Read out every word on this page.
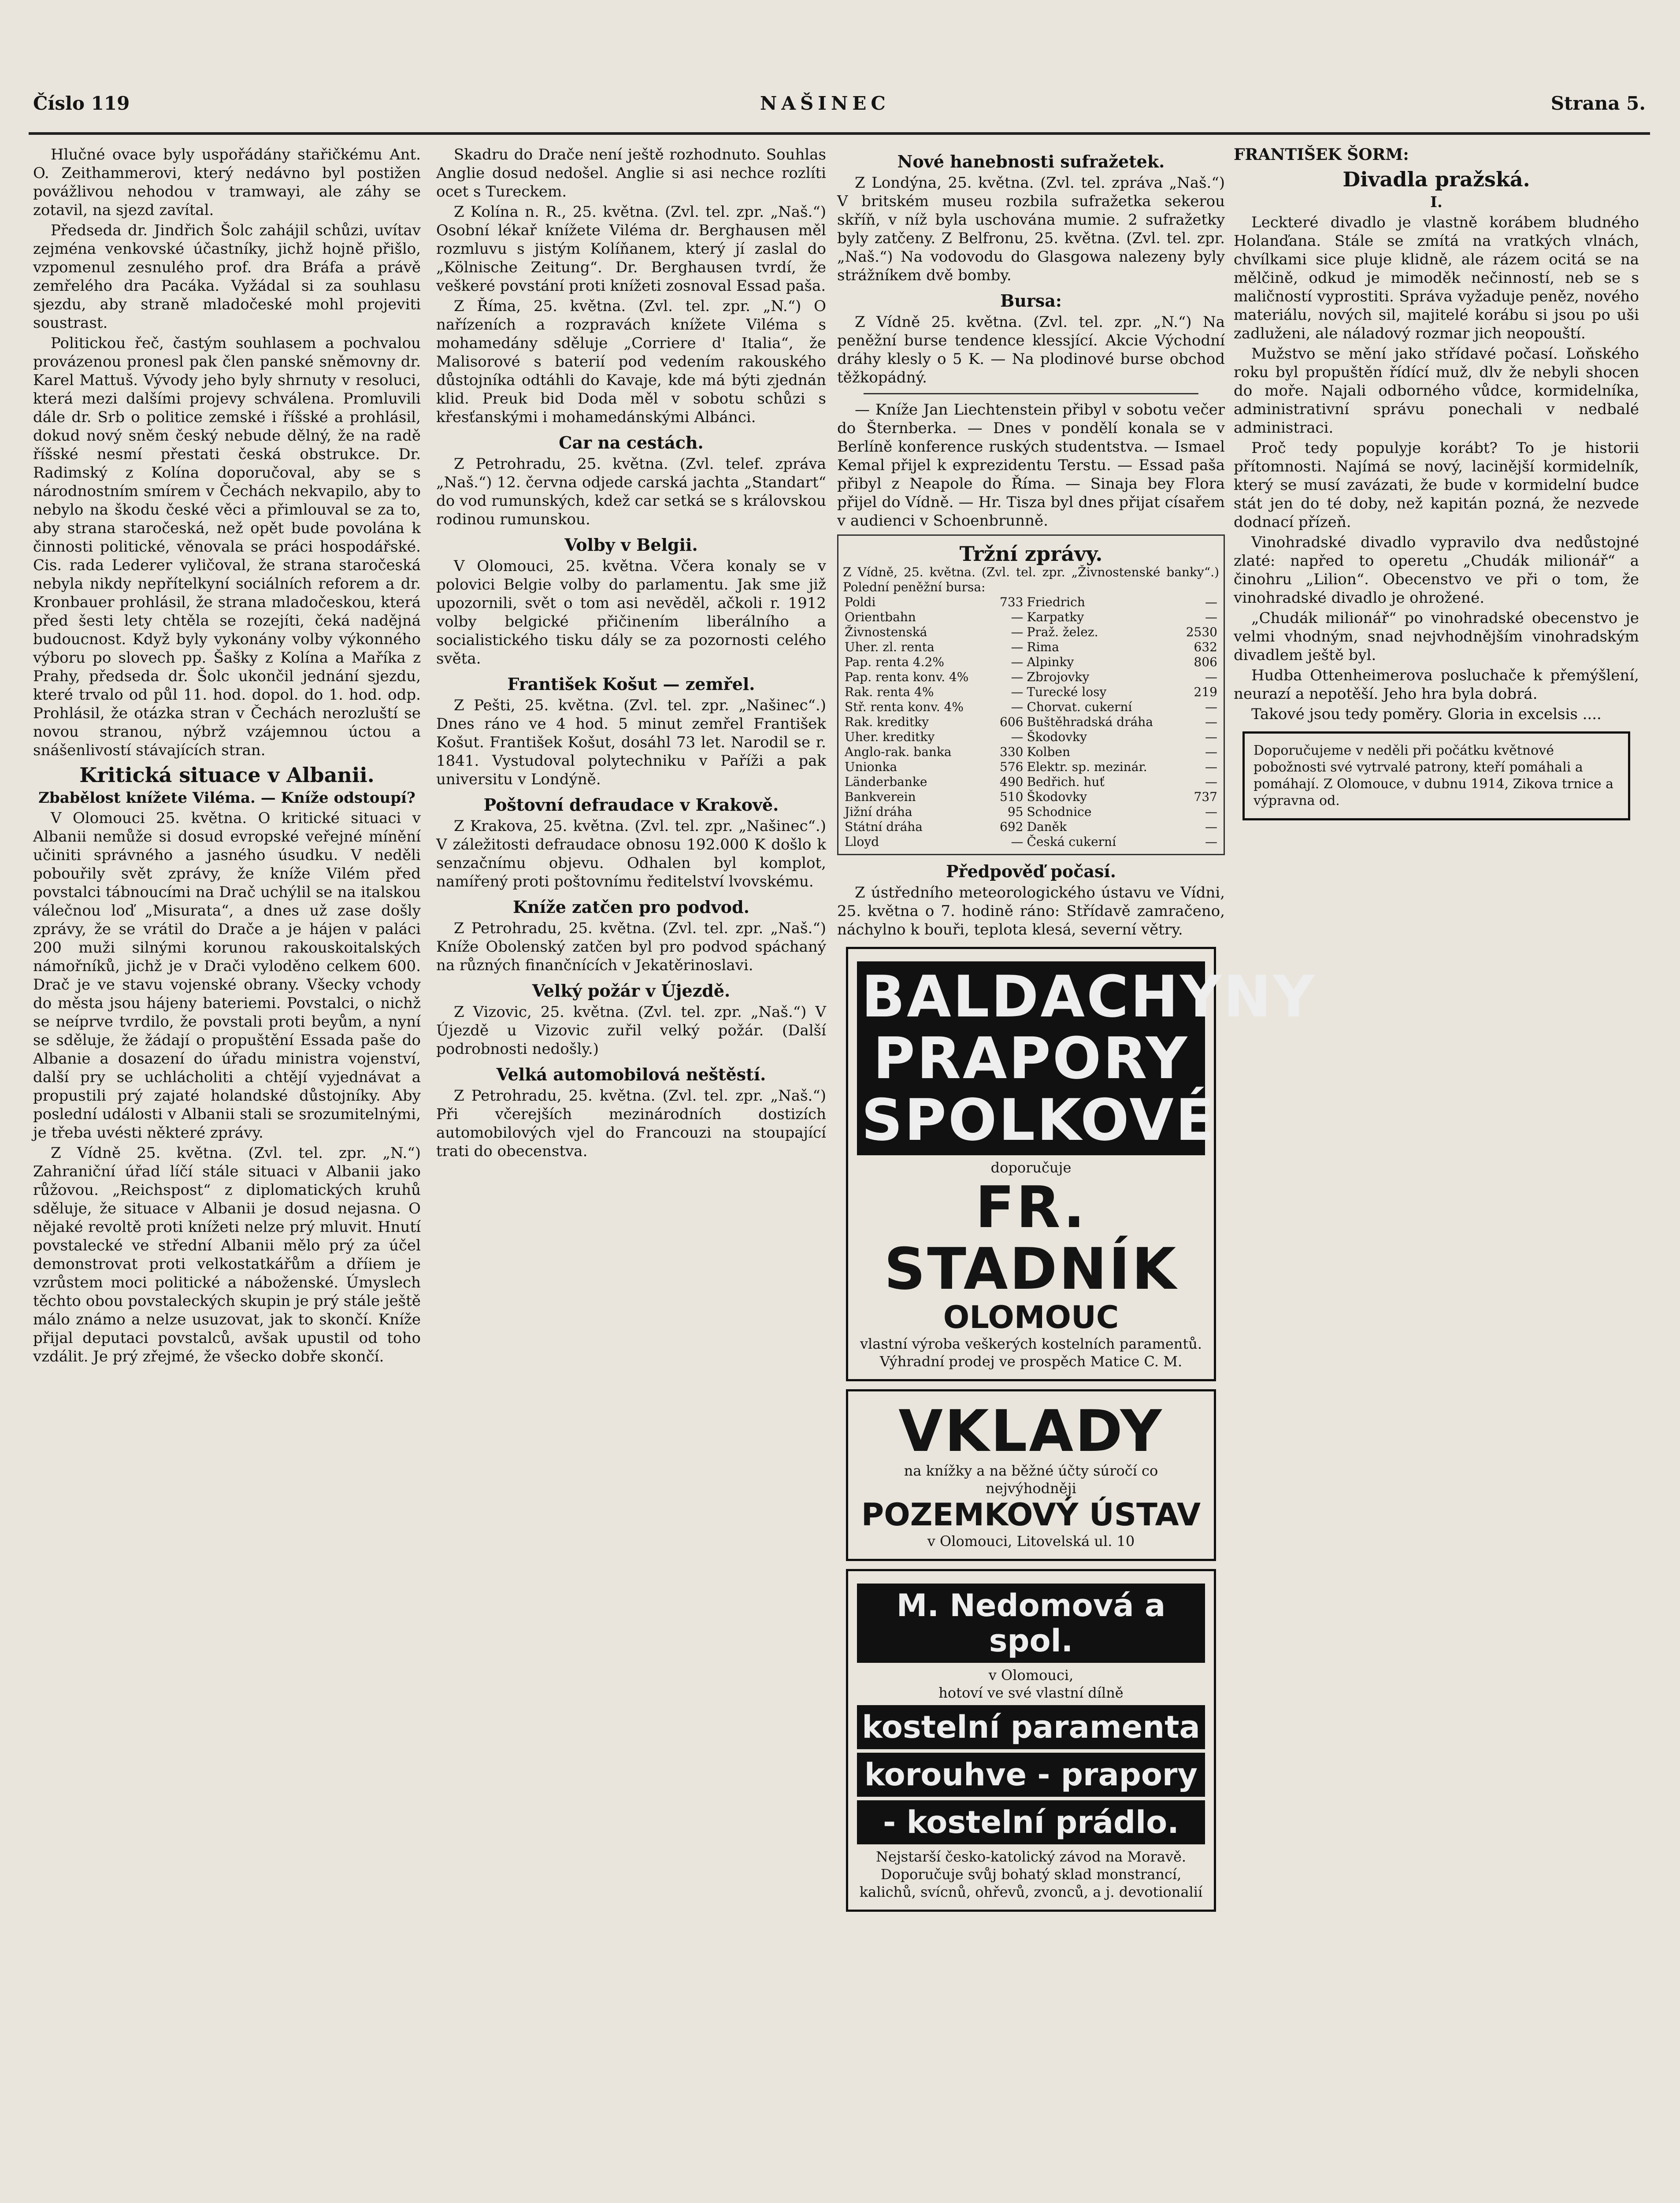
Číslo 119	NAŠINEC	Strana 5.

Hlučné ovace byly uspořádány stařičkému Ant. O. Zeithammerovi, který nedávno byl postižen povážlivou nehodou v tramwayi, ale záhy se zotavil, na sjezd zavítal.

Předseda dr. Jindřich Šolc zahájil schůzi, uvítav zejména venkovské účastníky, jichž hojně přišlo, vzpomenul zesnulého prof. dra Bráfa a právě zemřelého dra Pacáka. Vyžádal si za souhlasu sjezdu, aby straně mladočeské mohl projeviti soustrast.

Politickou řeč, častým souhlasem a pochvalou provázenou pronesl pak člen panské sněmovny dr. Karel Mattuš. Vývody jeho byly shrnuty v resoluci, která mezi dalšími projevy schválena. Promluvili dále dr. Srb o politice zemské i říšské a prohlásil, dokud nový sněm český nebude dělný, že na radě říšské nesmí přestati česká obstrukce. Dr. Radimský z Kolína doporučoval, aby se s národnostním smírem v Čechách nekvapilo, aby to nebylo na škodu české věci a přimlouval se za to, aby strana staročeská, než opět bude povolána k činnosti politické, věnovala se práci hospodářské. Cis. rada Lederer vyličoval, že strana staročeská nebyla nikdy nepřítelkyní sociálních reforem a dr. Kronbauer prohlásil, že strana mladočeskou, která před šesti lety chtěla se rozejíti, čeká nadějná budoucnost. Když byly vykonány volby výkonného výboru po slovech pp. Šašky z Kolína a Maříka z Prahy, předseda dr. Šolc ukončil jednání sjezdu, které trvalo od půl 11. hod. dopol. do 1. hod. odp. Prohlásil, že otázka stran v Čechách nerozluští se novou stranou, nýbrž vzájemnou úctou a snášenlivostí stávajících stran.

Kritická situace v Albanii.
Zbabělost knížete Viléma. — Kníže odstoupí?

V Olomouci 25. května. O kritické situaci v Albanii nemůže si dosud evropské veřejné mínění učiniti správného a jasného úsudku. V neděli pobouřily svět zprávy, že kníže Vilém před povstalci tábnoucími na Drač uchýlil se na italskou válečnou loď „Misurata“, a dnes už zase došly zprávy, že se vrátil do Drače a je hájen v paláci 200 muži silnými korunou rakouskoitalských námořníků, jichž je v Drači vyloděno celkem 600. Drač je ve stavu vojenské obrany. Všecky vchody do města jsou hájeny bateriemi. Povstalci, o nichž se neíprve tvrdilo, že povstali proti beyům, a nyní se sděluje, že žádají o propuštění Essada paše do Albanie a dosazení do úřadu ministra vojenství, další pry se uchlácholiti a chtějí vyjednávat a propustili prý zajaté holandské důstojníky. Aby poslední události v Albanii stali se srozumitelnými, je třeba uvésti některé zprávy.

Z Vídně 25. května. (Zvl. tel. zpr. „N.“) Zahraniční úřad líčí stále situaci v Albanii jako růžovou. „Reichspost“ z diplomatických kruhů sděluje, že situace v Albanii je dosud nejasna. O nějaké revoltě proti knížeti nelze prý mluvit. Hnutí povstalecké ve střední Albanii mělo prý za účel demonstrovat proti velkostatkářům a dříiem je vzrůstem moci politické a náboženské. Úmyslech těchto obou povstaleckých skupin je prý stále ještě málo známo a nelze usuzovat, jak to skončí. Kníže přijal deputaci povstalců, avšak upustil od toho vzdálit. Je prý zřejmé, že všecko dobře skončí.

Skadru do Drače není ještě rozhodnuto. Souhlas Anglie dosud nedošel. Anglie si asi nechce rozlíti ocet s Tureckem.

Z Kolína n. R., 25. května. (Zvl. tel. zpr. „Naš.“) Osobní lékař knížete Viléma dr. Berghausen měl rozmluvu s jistým Kolíňanem, který jí zaslal do „Kölnische Zeitung“. Dr. Berghausen tvrdí, že veškeré povstání proti knížeti zosnoval Essad paša.

Z Říma, 25. května. (Zvl. tel. zpr. „N.“) O nařízeních a rozpravách knížete Viléma s mohamedány sděluje „Corriere d' Italia“, že Malisorové s baterií pod vedením rakouského důstojníka odtáhli do Kavaje, kde má býti zjednán klid. Preuk bid Doda měl v sobotu schůzi s křesťanskými i mohamedánskými Albánci.

Car na cestách.

Z Petrohradu, 25. května. (Zvl. telef. zpráva „Naš.“) 12. června odjede carská jachta „Standart“ do vod rumunských, kdež car setká se s královskou rodinou rumunskou.

Volby v Belgii.

V Olomouci, 25. května. Včera konaly se v polovici Belgie volby do parlamentu. Jak sme již upozornili, svět o tom asi nevěděl, ačkoli r. 1912 volby belgické přičinením liberálního a socialistického tisku dály se za pozornosti celého světa.

František Košut — zemřel.

Z Pešti, 25. května. (Zvl. tel. zpr. „Našinec“.) Dnes ráno ve 4 hod. 5 minut zemřel František Košut. František Košut, dosáhl 73 let. Narodil se r. 1841. Vystudoval polytechniku v Paříži a pak universitu v Londýně.

Poštovní defraudace v Krakově.

Z Krakova, 25. května. (Zvl. tel. zpr. „Našinec“.) V záležitosti defraudace obnosu 192.000 K došlo k senzačnímu objevu. Odhalen byl komplot, namířený proti poštovnímu ředitelství lvovskému.

Kníže zatčen pro podvod.

Z Petrohradu, 25. května. (Zvl. tel. zpr. „Naš.“) Kníže Obolenský zatčen byl pro podvod spáchaný na různých finančnících v Jekatěrinoslavi.

Velký požár v Újezdě.

Z Vizovic, 25. května. (Zvl. tel. zpr. „Naš.“) V Újezdě u Vizovic zuřil velký požár. (Další podrobnosti nedošly.)

Velká automobilová neštěstí.

Z Petrohradu, 25. května. (Zvl. tel. zpr. „Naš.“) Při včerejších mezinárodních dostizích automobilových vjel do Francouzi na stoupající trati do obecenstva.

Nové hanebnosti sufražetek.

Z Londýna, 25. května. (Zvl. tel. zpráva „Naš.“) V britském museu rozbila sufražetka sekerou skříň, v níž byla uschována mumie. 2 sufražetky byly zatčeny. Z Belfronu, 25. května. (Zvl. tel. zpr. „Naš.“) Na vodovodu do Glasgowa nalezeny byly strážníkem dvě bomby.

Bursa:

Z Vídně 25. května. (Zvl. tel. zpr. „N.“) Na peněžní burse tendence klessjící. Akcie Východní dráhy klesly o 5 K. — Na plodinové burse obchod těžkopádný.

— Kníže Jan Liechtenstein přibyl v sobotu večer do Šternberka. — Dnes v pondělí konala se v Berlíně konference ruských studentstva. — Ismael Kemal přijel k exprezidentu Terstu. — Essad paša přibyl z Neapole do Říma. — Sinaja bey Flora přijel do Vídně. — Hr. Tisza byl dnes přijat císařem v audienci v Schoenbrunně.

Tržní zprávy.
Z Vídně, 25. května. (Zvl. tel. zpr. „Živnostenské banky“.) Polední peněžní bursa:
Poldi	733	Friedrich	—
Orientbahn	—	Karpatky	—
Živnostenská	—	Praž. želez.	2530
Uher. zl. renta	—	Rima	632
Pap. renta 4.2%	—	Alpinky	806
Pap. renta konv. 4%	—	Zbrojovky	—
Rak. renta 4%	—	Turecké losy	219
Stř. renta konv. 4%	—	Chorvat. cukerní	—
Rak. kreditky	606	Buštěhradská dráha	—
Uher. kreditky	—	Škodovky	—
Anglo-rak. banka	330	Kolben	—
Unionka	576	Elektr. sp. mezinár.	—
Länderbanke	490	Bedřich. huť	—
Bankverein	510	Škodovky	737
Jižní dráha	95	Schodnice	—
Státní dráha	692	Daněk	—
Lloyd	—	Česká cukerní	—
Předpověď počasí.

Z ústředního meteorologického ústavu ve Vídni, 25. května o 7. hodině ráno: Střídavě zamračeno, náchylno k bouři, teplota klesá, severní větry.

BALDACHYNY
PRAPORY
SPOLKOVÉ
doporučuje
FR. STADNÍK
OLOMOUC
vlastní výroba veškerých kostelních paramentů.
Výhradní prodej ve prospěch Matice C. M.
VKLADY
na knížky a na běžné účty súročí co nejvýhodněji
POZEMKOVÝ ÚSTAV
v Olomouci, Litovelská ul. 10
M. Nedomová a spol.
v Olomouci,
hotoví ve své vlastní dílně
kostelní paramenta
korouhve - prapory
- kostelní prádlo.
Nejstarší česko-katolický závod na Moravě. Doporučuje svůj bohatý sklad monstrancí, kalichů, svícnů, ohřevů, zvonců, a j. devotionalií
FRANTIŠEK ŠORM:
Divadla pražská.
I.

Leckteré divadlo je vlastně korábem bludného Holanďana. Stále se zmítá na vratkých vlnách, chvílkami sice pluje klidně, ale rázem ocitá se na mělčině, odkud je mimoděk nečinností, neb se s maličností vyprostiti. Správa vyžaduje peněz, nového materiálu, nových sil, majitelé korábu si jsou po uši zadluženi, ale náladový rozmar jich neopouští.

Mužstvo se mění jako střídavé počasí. Loňského roku byl propuštěn řídící muž, dlv že nebyli shocen do moře. Najali odborného vůdce, kormidelníka, administrativní správu ponechali v nedbalé administraci.

Proč tedy populyje korábt? To je historii přítomnosti. Najímá se nový, lacinější kormidelník, který se musí zavázati, že bude v kormidelní budce stát jen do té doby, než kapitán pozná, že nezvede dodnací přízeň.

Vinohradské divadlo vypravilo dva nedůstojné zlaté: napřed to operetu „Chudák milionář“ a činohru „Lilion“. Obecenstvo ve při o tom, že vinohradské divadlo je ohrožené.

„Chudák milionář“ po vinohradské obecenstvo je velmi vhodným, snad nejvhodnějším vinohradským divadlem ještě byl.

Hudba Ottenheimerova posluchače k přemýšlení, neurazí a nepotěší. Jeho hra byla dobrá.

Takové jsou tedy poměry. Gloria in excelsis ....

Doporučujeme v neděli při počátku květnové pobožnosti své vytrvalé patrony, kteří pomáhali a pomáhají. Z Olomouce, v dubnu 1914, Zikova trnice a výpravna od.
